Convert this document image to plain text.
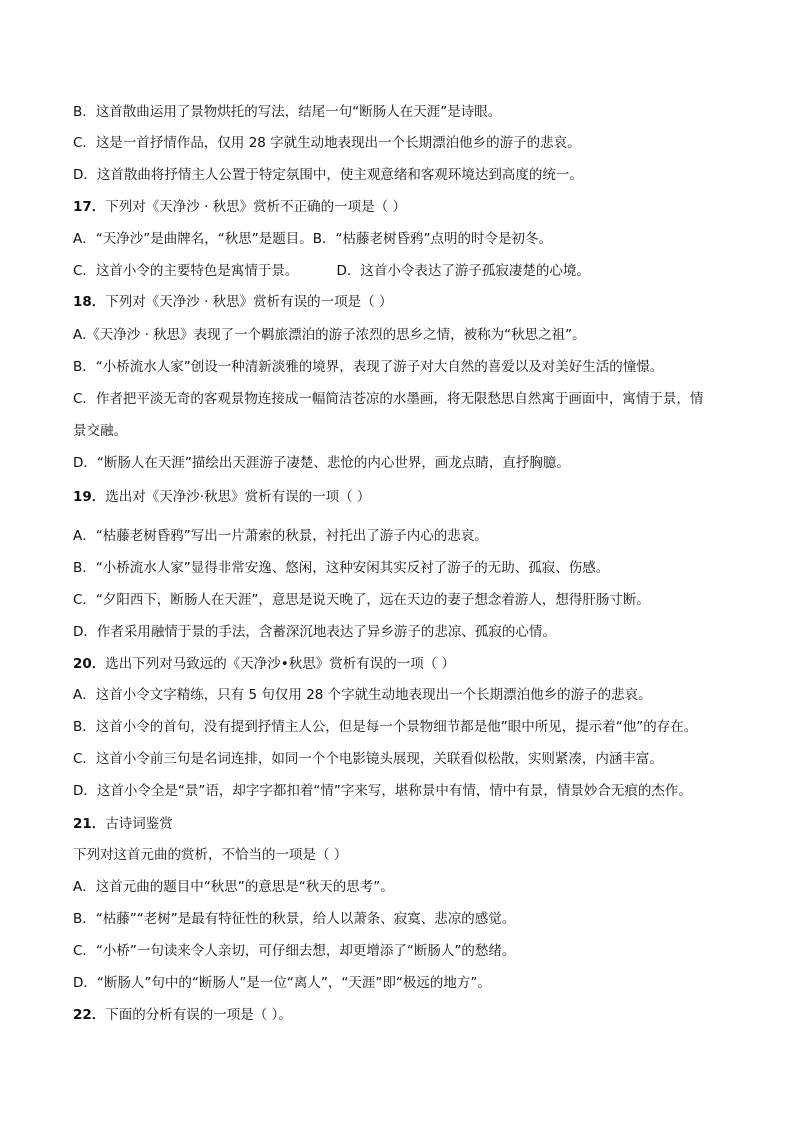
B．这首散曲运用了景物烘托的写法，结尾一句“断肠人在天涯”是诗眼。
C．这是一首抒情作品，仅用 28 字就生动地表现出一个长期漂泊他乡的游子的悲哀。
D．这首散曲将抒情主人公置于特定氛围中，使主观意绪和客观环境达到高度的统一。
17．下列对《天净沙 · 秋思》赏析不正确的一项是（ ）
A．“天净沙”是曲牌名，“秋思”是题目。B．“枯藤老树昏鸦”点明的时令是初冬。
C．这首小令的主要特色是寓情于景。	D．这首小令表达了游子孤寂凄楚的心境。
18．下列对《天净沙 · 秋思》赏析有误的一项是（ ）
A.《天净沙 · 秋思》表现了一个羁旅漂泊的游子浓烈的思乡之情，被称为“秋思之祖”。
B．“小桥流水人家”创设一种清新淡雅的境界，表现了游子对大自然的喜爱以及对美好生活的憧憬。
C．作者把平淡无奇的客观景物连接成一幅简洁苍凉的水墨画，将无限愁思自然寓于画面中，寓情于景，情
景交融。
D．“断肠人在天涯”描绘出天涯游子凄楚、悲怆的内心世界，画龙点睛，直抒胸臆。
19．选出对《天净沙·秋思》赏析有误的一项（ ）
A．“枯藤老树昏鸦”写出一片萧索的秋景，衬托出了游子内心的悲哀。
B．“小桥流水人家”显得非常安逸、悠闲，这种安闲其实反衬了游子的无助、孤寂、伤感。
C．“夕阳西下，断肠人在天涯”，意思是说天晚了，远在天边的妻子想念着游人，想得肝肠寸断。
D．作者采用融情于景的手法，含蓄深沉地表达了异乡游子的悲凉、孤寂的心情。
20．选出下列对马致远的《天净沙•秋思》赏析有误的一项（ ）
A．这首小令文字精练，只有 5 句仅用 28 个字就生动地表现出一个长期漂泊他乡的游子的悲哀。
B．这首小令的首句，没有提到抒情主人公，但是每一个景物细节都是他”眼中所见，提示着“他”的存在。
C．这首小令前三句是名词连排，如同一个个电影镜头展现，关联看似松散，实则紧凑，内涵丰富。
D．这首小令全是“景”语，却字字都扣着“情”字来写，堪称景中有情，情中有景，情景妙合无痕的杰作。
21．古诗词鉴赏
下列对这首元曲的赏析，不恰当的一项是（ ）
A．这首元曲的题目中“秋思”的意思是“秋天的思考”。
B．“枯藤”“老树”是最有特征性的秋景，给人以萧条、寂寞、悲凉的感觉。
C．“小桥”一句读来令人亲切，可仔细去想，却更增添了“断肠人”的愁绪。
D．“断肠人”句中的“断肠人”是一位“离人”，“天涯”即“极远的地方”。
22．下面的分析有误的一项是（ ）。
